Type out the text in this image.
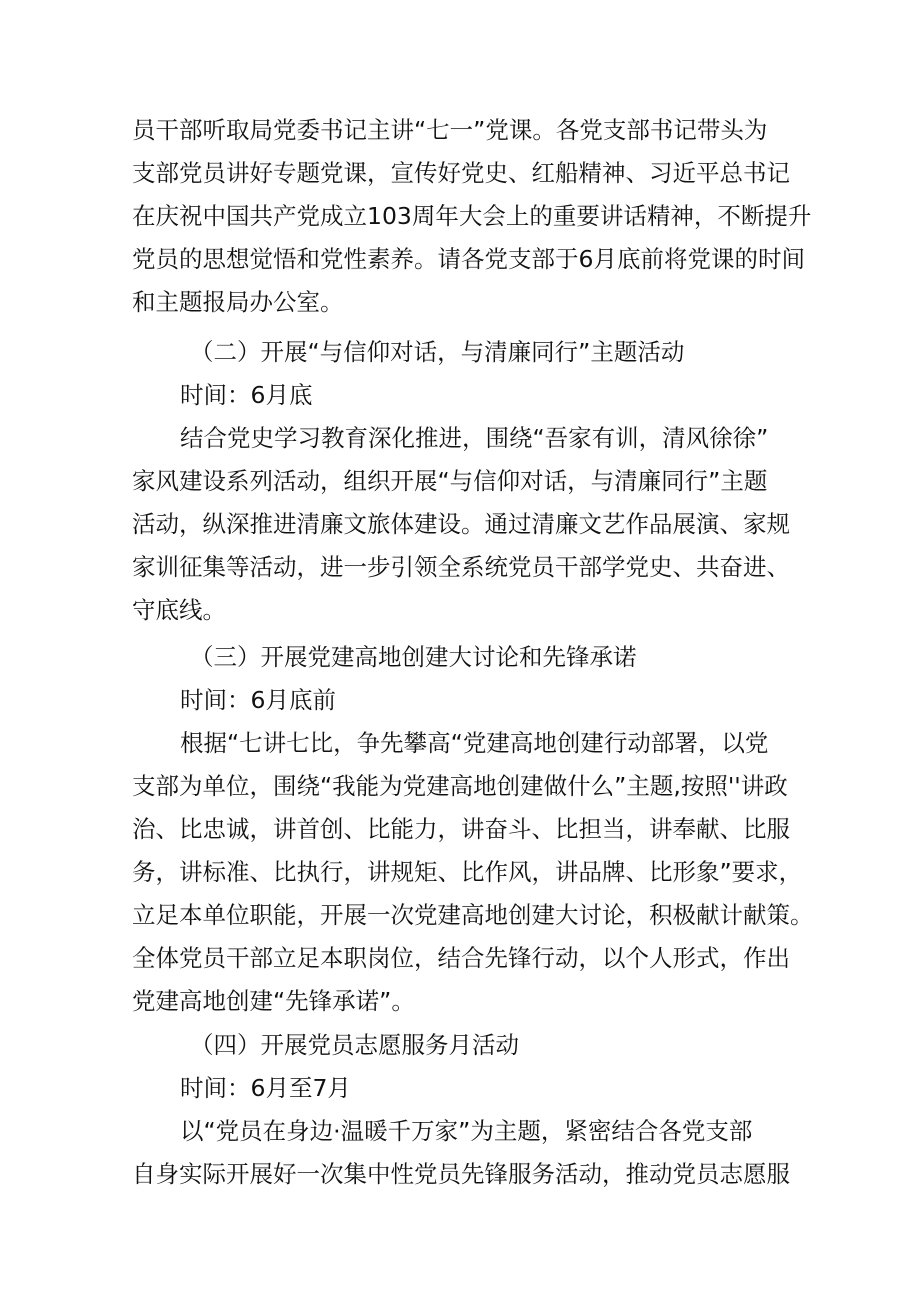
员干部听取局党委书记主讲“七一”党课。各党支部书记带头为
支部党员讲好专题党课，宣传好党史、红船精神、习近平总书记
在庆祝中国共产党成立103周年大会上的重要讲话精神，不断提升
党员的思想觉悟和党性素养。请各党支部于6月底前将党课的时间
和主题报局办公室。
（二）开展“与信仰对话，与清廉同行”主题活动
时间：6月底
结合党史学习教育深化推进，围绕“吾家有训，清风徐徐”
家风建设系列活动，组织开展“与信仰对话，与清廉同行”主题
活动，纵深推进清廉文旅体建设。通过清廉文艺作品展演、家规
家训征集等活动，进一步引领全系统党员干部学党史、共奋进、
守底线。
（三）开展党建高地创建大讨论和先锋承诺
时间：6月底前
根据“七讲七比，争先攀高“党建高地创建行动部署，以党
支部为单位，围绕“我能为党建高地创建做什么”主题,按照''讲政
治、比忠诚，讲首创、比能力，讲奋斗、比担当，讲奉献、比服
务，讲标准、比执行，讲规矩、比作风，讲品牌、比形象”要求，
立足本单位职能，开展一次党建高地创建大讨论，积极献计献策。
全体党员干部立足本职岗位，结合先锋行动，以个人形式，作出
党建高地创建“先锋承诺”。
（四）开展党员志愿服务月活动
时间：6月至7月
以“党员在身边·温暖千万家”为主题，紧密结合各党支部
自身实际开展好一次集中性党员先锋服务活动，推动党员志愿服
